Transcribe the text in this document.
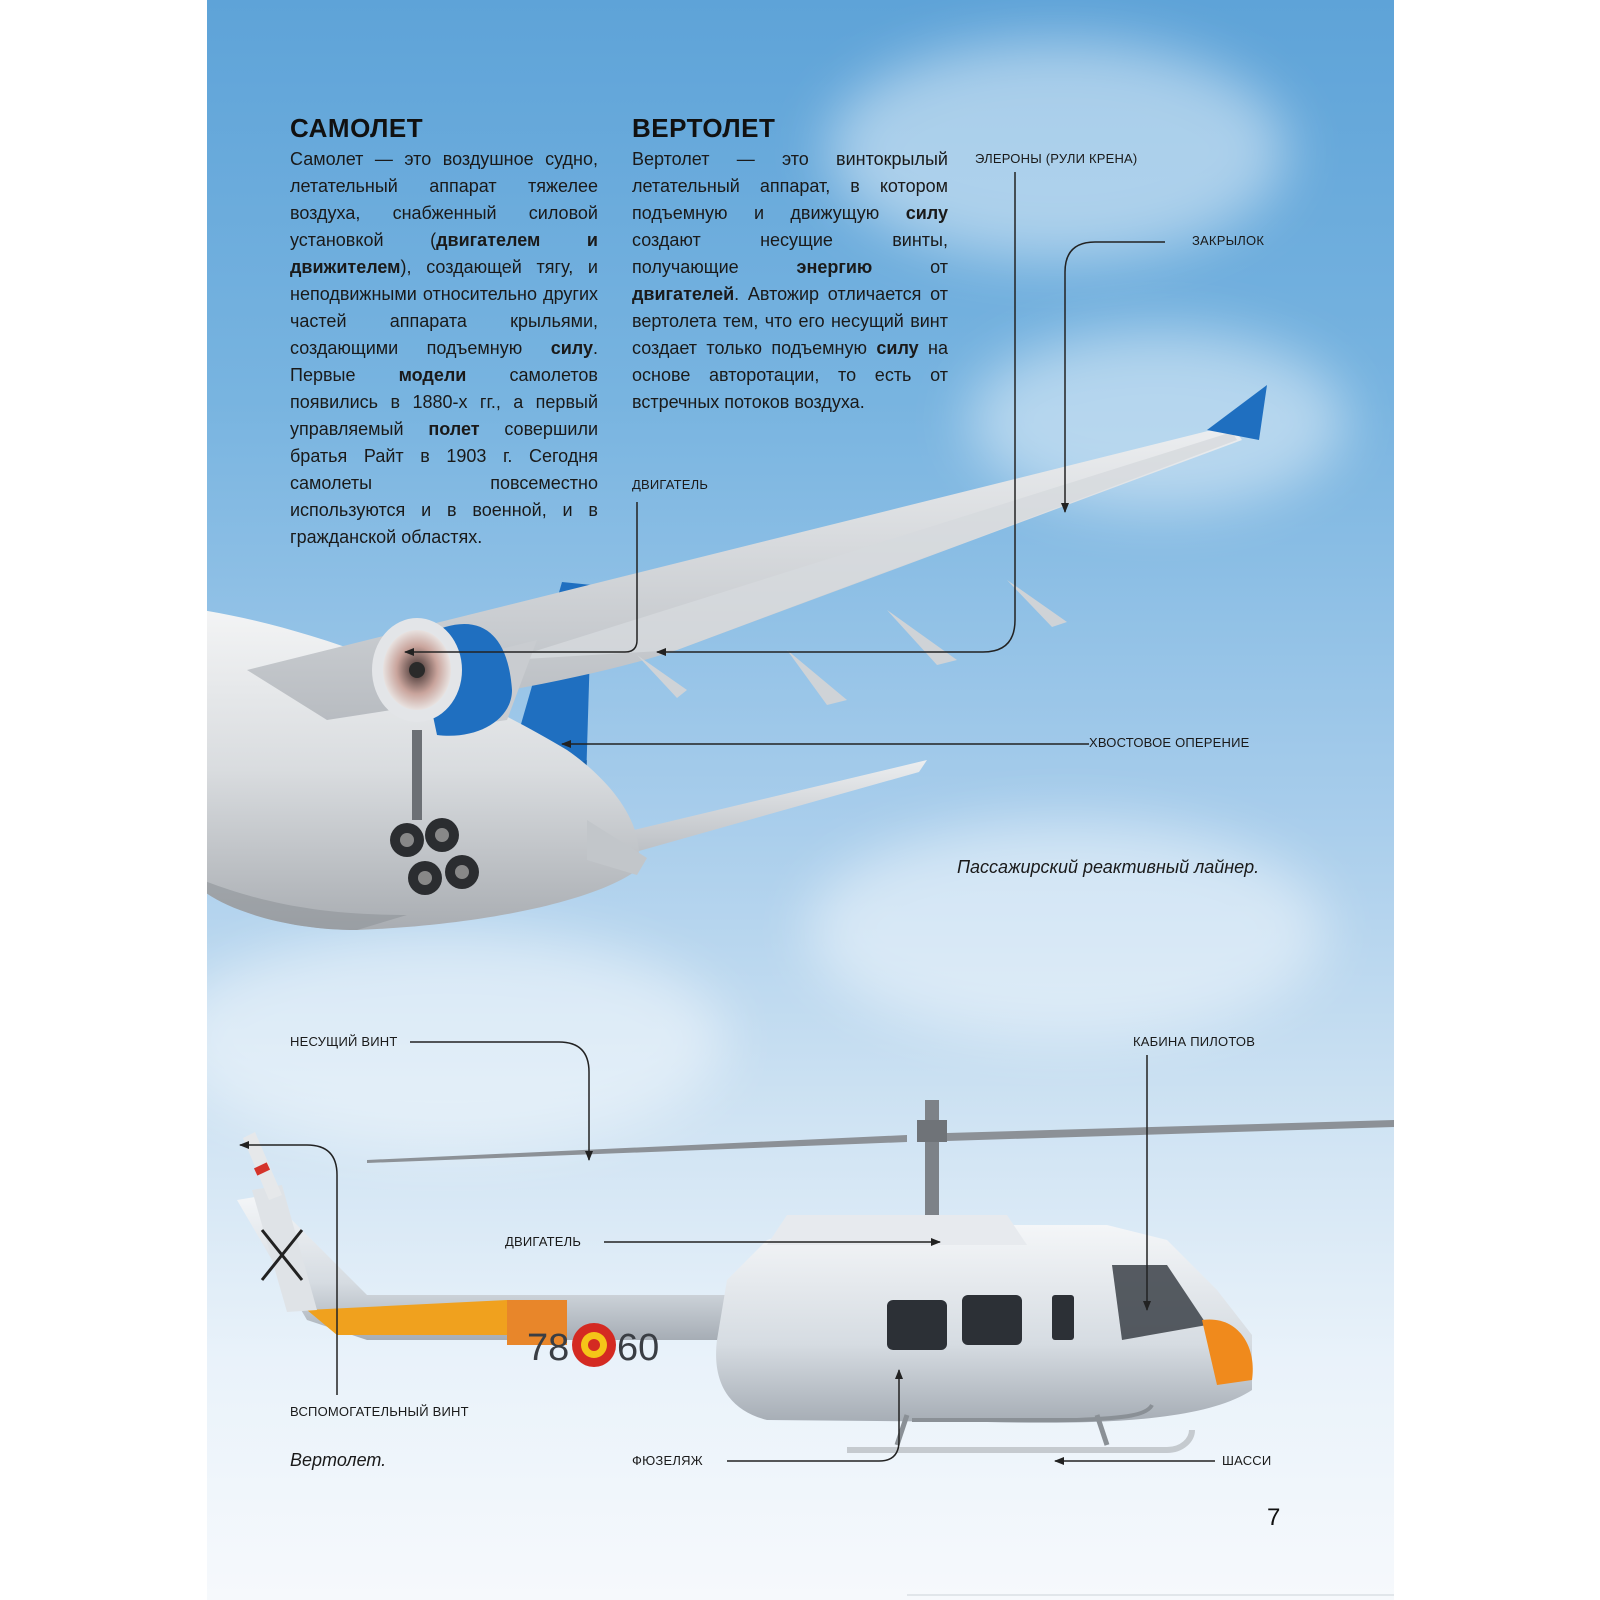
78 60
САМОЛЕТ

Самолет — это воздушное судно, летательный аппарат тяжелее воздуха, снабженный силовой установкой (двигателем и движителем), создающей тягу, и неподвижными относительно других частей аппарата крыльями, создающими подъемную силу. Первые модели самолетов появились в 1880-х гг., а первый управляемый полет совершили братья Райт в 1903 г. Сегодня самолеты повсеместно используются и в военной, и в гражданской областях.

ВЕРТОЛЕТ

Вертолет — это винтокрылый летательный аппарат, в котором подъемную и движущую силу создают несущие винты, получающие энергию от двигателей. Автожир отличается от вертолета тем, что его несущий винт создает только подъемную силу на основе авторотации, то есть от встречных потоков воздуха.

ЭЛЕРОНЫ (РУЛИ КРЕНА)
ЗАКРЫЛОК
ДВИГАТЕЛЬ
ХВОСТОВОЕ ОПЕРЕНИЕ
Пассажирский реактивный лайнер.
НЕСУЩИЙ ВИНТ	КАБИНА ПИЛОТОВ
ДВИГАТЕЛЬ
ВСПОМОГАТЕЛЬНЫЙ ВИНТ
ФЮЗЕЛЯЖ	ШАССИ
Вертолет.
7
